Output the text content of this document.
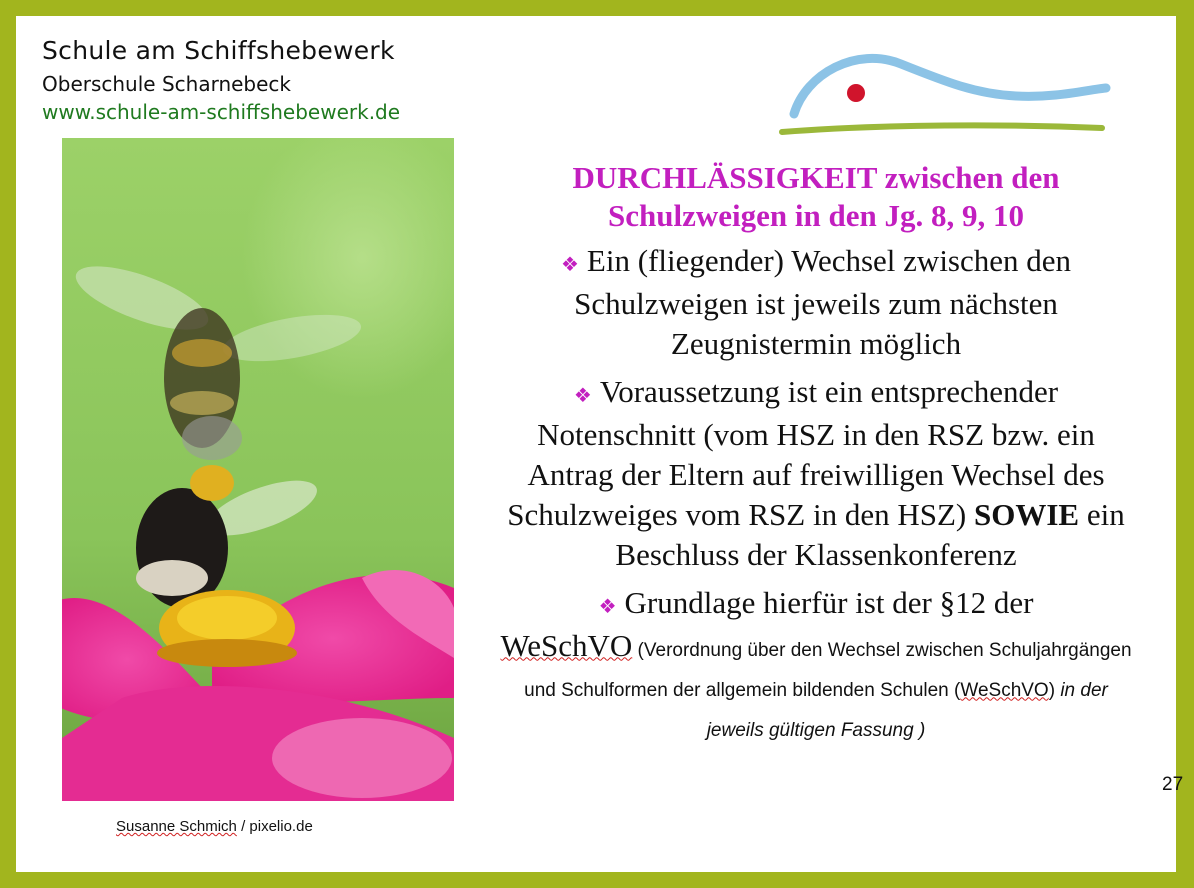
Schule am Schiffshebewerk
Oberschule Scharnebeck
www.schule-am-schiffshebewerk.de
Susanne Schmich / pixelio.de
DURCHLÄSSIGKEIT zwischen den Schulzweigen in den Jg. 8, 9, 10
❖ Ein (fliegender) Wechsel zwischen den Schulzweigen ist jeweils zum nächsten Zeugnistermin möglich
❖ Voraussetzung ist ein entsprechender Notenschnitt (vom HSZ in den RSZ bzw. ein Antrag der Eltern auf freiwilligen Wechsel des Schulzweiges vom RSZ in den HSZ) SOWIE ein Beschluss der Klassenkonferenz
❖ Grundlage hierfür ist der §12 der
WeSchVO (Verordnung über den Wechsel zwischen Schuljahrgängen und Schulformen der allgemein bildenden Schulen (WeSchVO) in der jeweils gültigen Fassung )
27
